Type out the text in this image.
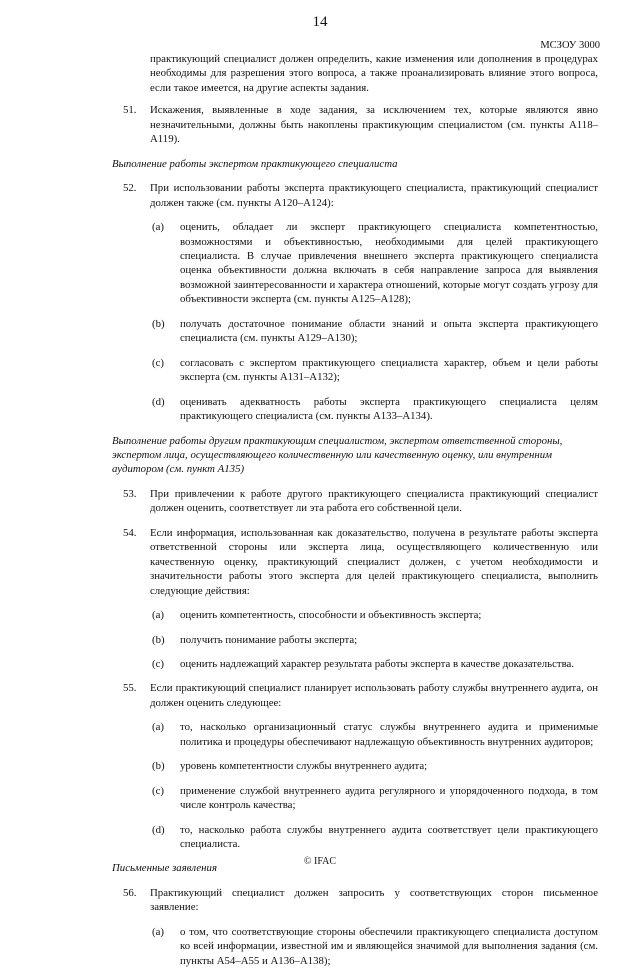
14
МСЗОУ 3000

практикующий специалист должен определить, какие изменения или дополнения в процедурах необходимы для разрешения этого вопроса, а также проанализировать влияние этого вопроса, если такое имеется, на другие аспекты задания.

51. Искажения, выявленные в ходе задания, за исключением тех, которые являются явно незначительными, должны быть накоплены практикующим специалистом (см. пункты A118–A119).
Выполнение работы экспертом практикующего специалиста
52. При использовании работы эксперта практикующего специалиста, практикующий специалист должен также (см. пункты A120–A124):
(a) оценить, обладает ли эксперт практикующего специалиста компетентностью, возможностями и объективностью, необходимыми для целей практикующего специалиста. В случае привлечения внешнего эксперта практикующего специалиста оценка объективности должна включать в себя направление запроса для выявления возможной заинтересованности и характера отношений, которые могут создать угрозу для объективности эксперта (см. пункты A125–A128);
(b) получать достаточное понимание области знаний и опыта эксперта практикующего специалиста (см. пункты A129–A130);
(c) согласовать с экспертом практикующего специалиста характер, объем и цели работы эксперта (см. пункты A131–A132);
(d) оценивать адекватность работы эксперта практикующего специалиста целям практикующего специалиста (см. пункты A133–A134).
Выполнение работы другим практикующим специалистом, экспертом ответственной стороны, экспертом лица, осуществляющего количественную или качественную оценку, или внутренним аудитором (см. пункт A135)
53. При привлечении к работе другого практикующего специалиста практикующий специалист должен оценить, соответствует ли эта работа его собственной цели.
54. Если информация, использованная как доказательство, получена в результате работы эксперта ответственной стороны или эксперта лица, осуществляющего количественную или качественную оценку, практикующий специалист должен, с учетом необходимости и значительности работы этого эксперта для целей практикующего специалиста, выполнить следующие действия:
(a) оценить компетентность, способности и объективность эксперта;
(b) получить понимание работы эксперта;
(c) оценить надлежащий характер результата работы эксперта в качестве доказательства.
55. Если практикующий специалист планирует использовать работу службы внутреннего аудита, он должен оценить следующее:
(a) то, насколько организационный статус службы внутреннего аудита и применимые политика и процедуры обеспечивают надлежащую объективность внутренних аудиторов;
(b) уровень компетентности службы внутреннего аудита;
(c) применение службой внутреннего аудита регулярного и упорядоченного подхода, в том числе контроль качества;
(d) то, насколько работа службы внутреннего аудита соответствует цели практикующего специалиста.
Письменные заявления
56. Практикующий специалист должен запросить у соответствующих сторон письменное заявление:
(a) о том, что соответствующие стороны обеспечили практикующего специалиста доступом ко всей информации, известной им и являющейся значимой для выполнения задания (см. пункты A54–A55 и A136–A138);
© IFAC
